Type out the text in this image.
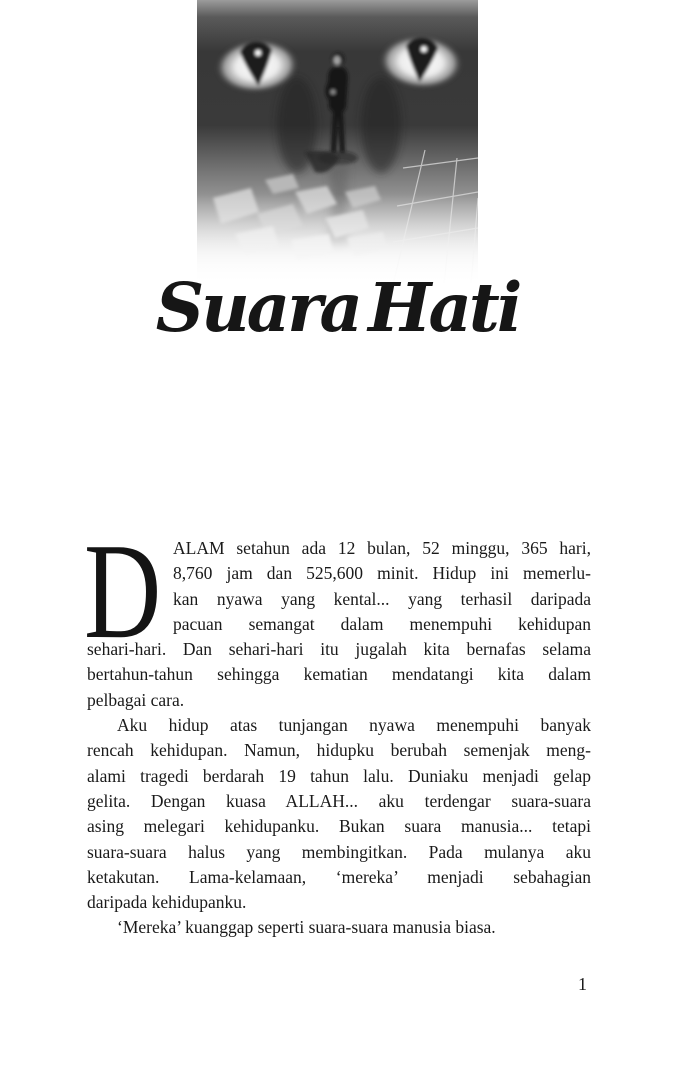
Suara Hati
D ALAM setahun ada 12 bulan, 52 minggu, 365 hari,
8,760 jam dan 525,600 minit. Hidup ini memerlu-
kan nyawa yang kental... yang terhasil daripada
pacuan semangat dalam menempuhi kehidupan
sehari-hari. Dan sehari-hari itu jugalah kita bernafas selama
bertahun-tahun sehingga kematian mendatangi kita dalam
pelbagai cara.
Aku hidup atas tunjangan nyawa menempuhi banyak
rencah kehidupan. Namun, hidupku berubah semenjak meng-
alami tragedi berdarah 19 tahun lalu. Duniaku menjadi gelap
gelita. Dengan kuasa ALLAH... aku terdengar suara-suara
asing melegari kehidupanku. Bukan suara manusia... tetapi
suara-suara halus yang membingitkan. Pada mulanya aku
ketakutan. Lama-kelamaan, ‘mereka’ menjadi sebahagian
daripada kehidupanku.
‘Mereka’ kuanggap seperti suara-suara manusia biasa.
1
